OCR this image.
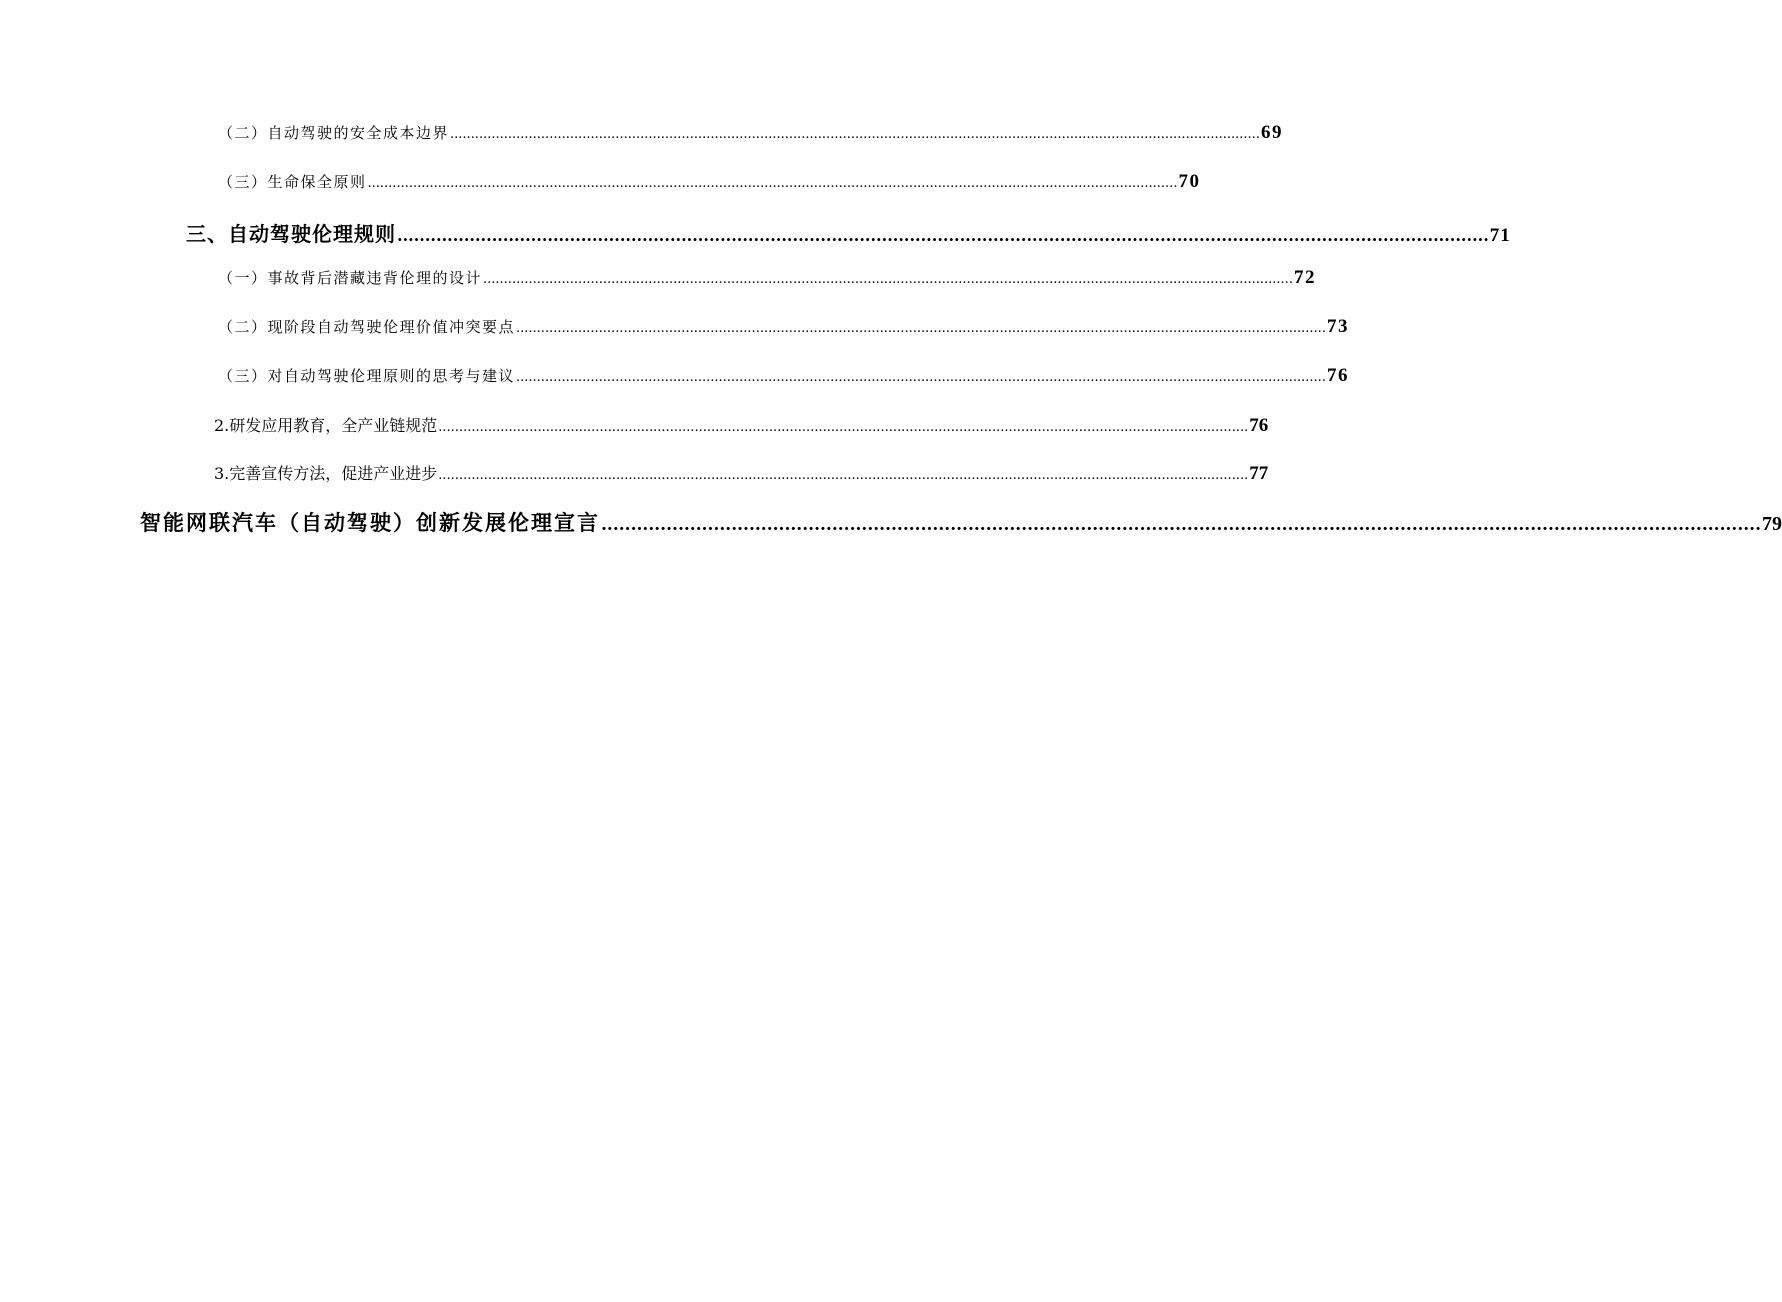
（二）自动驾驶的安全成本边界 .................................................................................................................................................................................................... 69
（三）生命保全原则 .................................................................................................................................................................................................... 70
三、自动驾驶伦理规则 .................................................................................................................................................................................................... 71
（一）事故背后潜藏违背伦理的设计 .................................................................................................................................................................................................... 72
（二）现阶段自动驾驶伦理价值冲突要点 .................................................................................................................................................................................................... 73
（三）对自动驾驶伦理原则的思考与建议 .................................................................................................................................................................................................... 76
2.研发应用教育，全产业链规范 .................................................................................................................................................................................................... 76
3.完善宣传方法，促进产业进步 .................................................................................................................................................................................................... 77
智能网联汽车（自动驾驶）创新发展伦理宣言 .................................................................................................................................................................................................... 79
